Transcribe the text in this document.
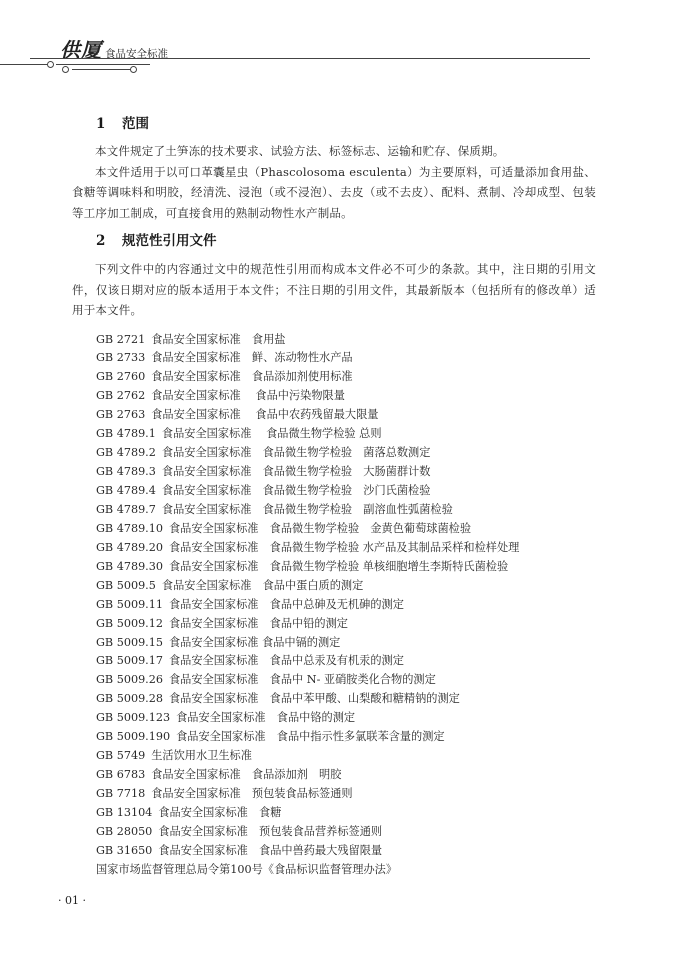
供厦 食品安全标准
1 范围

本文件规定了土笋冻的技术要求、试验方法、标签标志、运输和贮存、保质期。

本文件适用于以可口革囊星虫（Phascolosoma esculenta）为主要原料，可适量添加食用盐、食糖等调味料和明胶，经清洗、浸泡（或不浸泡）、去皮（或不去皮）、配料、煮制、冷却成型、包装等工序加工制成，可直接食用的熟制动物性水产制品。

2 规范性引用文件

下列文件中的内容通过文中的规范性引用而构成本文件必不可少的条款。其中，注日期的引用文件，仅该日期对应的版本适用于本文件；不注日期的引用文件，其最新版本（包括所有的修改单）适用于本文件。

GB 2721 食品安全国家标准　食用盐
GB 2733 食品安全国家标准　鲜、冻动物性水产品
GB 2760 食品安全国家标准　食品添加剂使用标准
GB 2762 食品安全国家标准　 食品中污染物限量
GB 2763 食品安全国家标准　 食品中农药残留最大限量
GB 4789.1 食品安全国家标准　 食品微生物学检验 总则
GB 4789.2 食品安全国家标准　食品微生物学检验　菌落总数测定
GB 4789.3 食品安全国家标准　食品微生物学检验　大肠菌群计数
GB 4789.4 食品安全国家标准　食品微生物学检验　沙门氏菌检验
GB 4789.7 食品安全国家标准　食品微生物学检验　副溶血性弧菌检验
GB 4789.10 食品安全国家标准　食品微生物学检验　金黄色葡萄球菌检验
GB 4789.20 食品安全国家标准　食品微生物学检验 水产品及其制品采样和检样处理
GB 4789.30 食品安全国家标准　食品微生物学检验 单核细胞增生李斯特氏菌检验
GB 5009.5 食品安全国家标准　食品中蛋白质的测定
GB 5009.11 食品安全国家标准　食品中总砷及无机砷的测定
GB 5009.12 食品安全国家标准　食品中铅的测定
GB 5009.15 食品安全国家标准 食品中镉的测定
GB 5009.17 食品安全国家标准　食品中总汞及有机汞的测定
GB 5009.26 食品安全国家标准　食品中 N- 亚硝胺类化合物的测定
GB 5009.28 食品安全国家标准　食品中苯甲酸、山梨酸和糖精钠的测定
GB 5009.123 食品安全国家标准　食品中铬的测定
GB 5009.190 食品安全国家标准　食品中指示性多氯联苯含量的测定
GB 5749 生活饮用水卫生标准
GB 6783 食品安全国家标准　食品添加剂　明胶
GB 7718 食品安全国家标准　预包装食品标签通则
GB 13104 食品安全国家标准　食糖
GB 28050 食品安全国家标准　预包装食品营养标签通则
GB 31650 食品安全国家标准　食品中兽药最大残留限量
国家市场监督管理总局令第100号《食品标识监督管理办法》
· 01 ·
